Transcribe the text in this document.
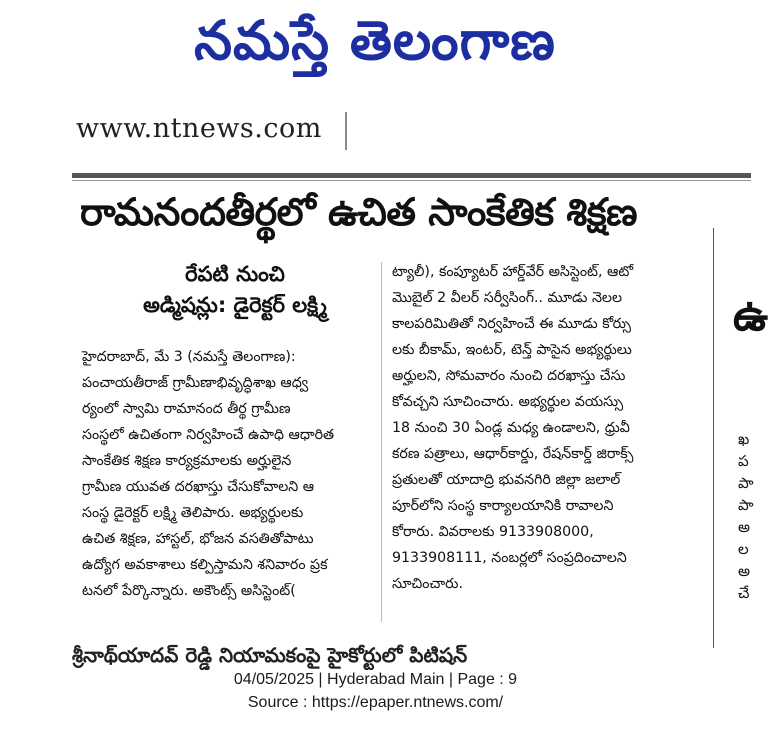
నమస్తే తెలంగాణ
www.ntnews.com
రామనందతీర్థలో ఉచిత సాంకేతిక శిక్షణ
రేపటి నుంచి
అడ్మిషన్లు: డైరెక్టర్ లక్ష్మి
హైదరాబాద్, మే 3 (నమస్తే తెలంగాణ):
పంచాయతీరాజ్ గ్రామీణాభివృద్ధిశాఖ ఆధ్వ
ర్యంలో స్వామి రామానంద తీర్థ గ్రామీణ
సంస్థలో ఉచితంగా నిర్వహించే ఉపాధి ఆధారిత
సాంకేతిక శిక్షణ కార్యక్రమాలకు అర్హులైన
గ్రామీణ యువత దరఖాస్తు చేసుకోవాలని ఆ
సంస్థ డైరెక్టర్ లక్ష్మి తెలిపారు. అభ్యర్థులకు
ఉచిత శిక్షణ, హాస్టల్, భోజన వసతితోపాటు
ఉద్యోగ అవకాశాలు కల్పిస్తామని శనివారం ప్రక
టనలో పేర్కొన్నారు. అకౌంట్స్ అసిస్టెంట్(
ట్యాలీ), కంప్యూటర్ హార్డ్‌వేర్ అసిస్టెంట్, ఆటో
మొబైల్ 2 వీలర్ సర్వీసింగ్.. మూడు నెలల
కాలపరిమితితో నిర్వహించే ఈ మూడు కోర్సు
లకు బీకామ్, ఇంటర్, టెన్త్ పాసైన అభ్యర్థులు
అర్హులని, సోమవారం నుంచి దరఖాస్తు చేసు
కోవచ్చని సూచించారు. అభ్యర్థుల వయస్సు
18 నుంచి 30 ఏండ్ల మధ్య ఉండాలని, ధ్రువీ
కరణ పత్రాలు, ఆధార్‌కార్డు, రేషన్‌కార్డ్ జిరాక్స్
ప్రతులతో యాదాద్రి భువనగిరి జిల్లా జలాల్
పూర్‌లోని సంస్థ కార్యాలయానికి రావాలని
కోరారు. వివరాలకు 9133908000,
9133908111, నంబర్లలో సంప్రదించాలని
సూచించారు.
ఉ
ఖ
ప
పా
పా
అ
ల
అ
చే
శ్రీనాథ్‌యాదవ్ రెడ్డి నియామకంపై హైకోర్టులో పిటిషన్
04/05/2025 | Hyderabad Main | Page : 9
Source : https://epaper.ntnews.com/
